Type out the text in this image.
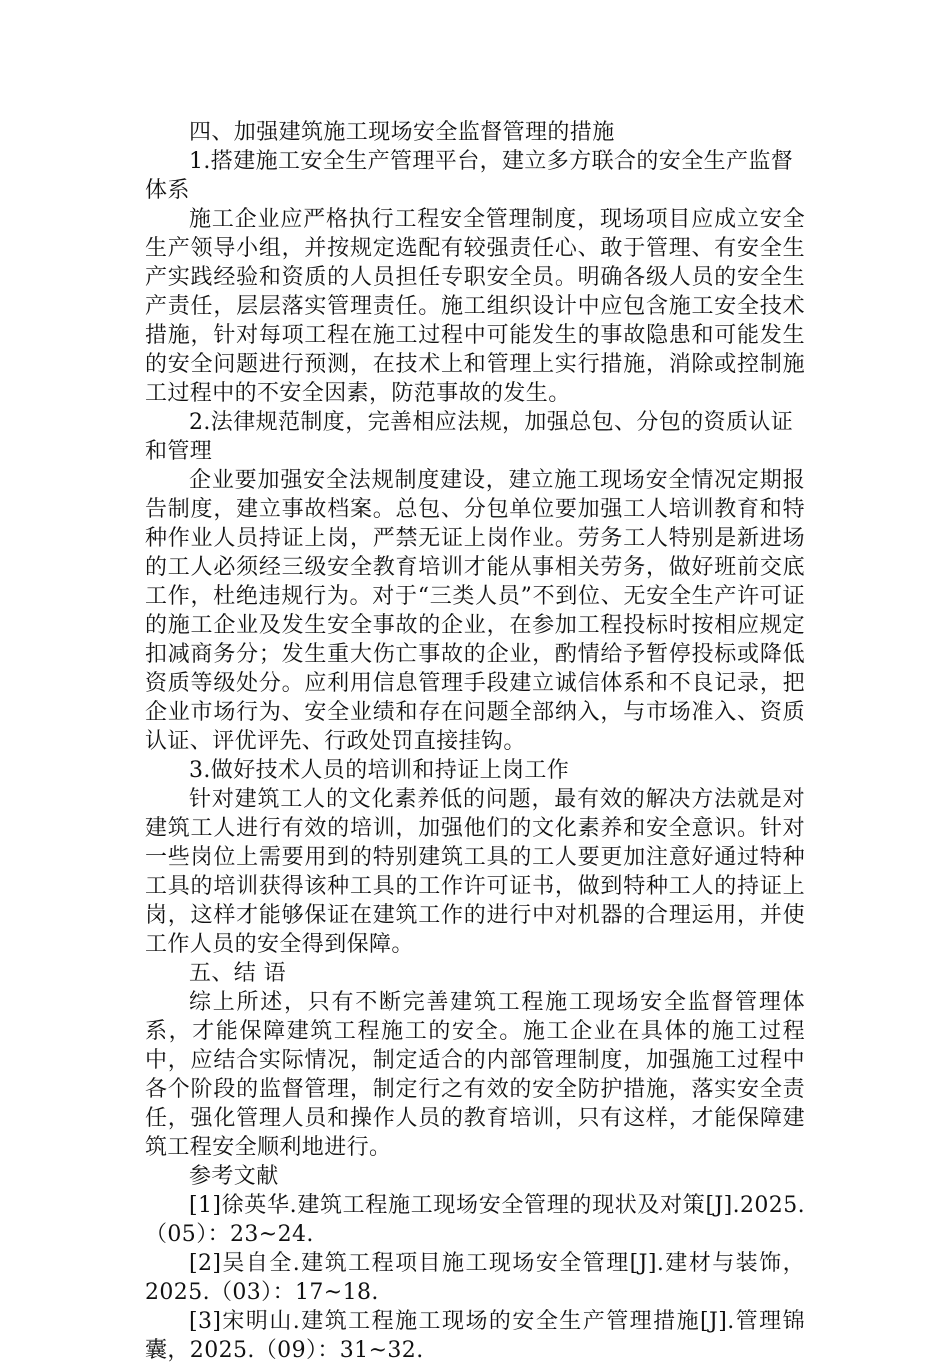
四、加强建筑施工现场安全监督管理的措施

1.搭建施工安全生产管理平台，建立多方联合的安全生产监督体系

施工企业应严格执行工程安全管理制度，现场项目应成立安全生产领导小组，并按规定选配有较强责任心、敢于管理、有安全生产实践经验和资质的人员担任专职安全员。明确各级人员的安全生产责任，层层落实管理责任。施工组织设计中应包含施工安全技术措施，针对每项工程在施工过程中可能发生的事故隐患和可能发生的安全问题进行预测，在技术上和管理上实行措施，消除或控制施工过程中的不安全因素，防范事故的发生。

2.法律规范制度，完善相应法规，加强总包、分包的资质认证和管理

企业要加强安全法规制度建设，建立施工现场安全情况定期报告制度，建立事故档案。总包、分包单位要加强工人培训教育和特种作业人员持证上岗，严禁无证上岗作业。劳务工人特别是新进场的工人必须经三级安全教育培训才能从事相关劳务，做好班前交底工作，杜绝违规行为。对于“三类人员”不到位、无安全生产许可证的施工企业及发生安全事故的企业，在参加工程投标时按相应规定扣减商务分；发生重大伤亡事故的企业，酌情给予暂停投标或降低资质等级处分。应利用信息管理手段建立诚信体系和不良记录，把企业市场行为、安全业绩和存在问题全部纳入，与市场准入、资质认证、评优评先、行政处罚直接挂钩。

3.做好技术人员的培训和持证上岗工作

针对建筑工人的文化素养低的问题，最有效的解决方法就是对建筑工人进行有效的培训，加强他们的文化素养和安全意识。针对一些岗位上需要用到的特别建筑工具的工人要更加注意好通过特种工具的培训获得该种工具的工作许可证书，做到特种工人的持证上岗，这样才能够保证在建筑工作的进行中对机器的合理运用，并使工作人员的安全得到保障。

五、结 语

综上所述，只有不断完善建筑工程施工现场安全监督管理体系，才能保障建筑工程施工的安全。施工企业在具体的施工过程中，应结合实际情况，制定适合的内部管理制度，加强施工过程中各个阶段的监督管理，制定行之有效的安全防护措施，落实安全责任，强化管理人员和操作人员的教育培训，只有这样，才能保障建筑工程安全顺利地进行。

参考文献

[1]徐英华.建筑工程施工现场安全管理的现状及对策[J].2025.（05）：23~24.

[2]吴自全.建筑工程项目施工现场安全管理[J].建材与装饰，2025.（03）：17~18.

[3]宋明山.建筑工程施工现场的安全生产管理措施[J].管理锦囊，2025.（09）：31~32.
